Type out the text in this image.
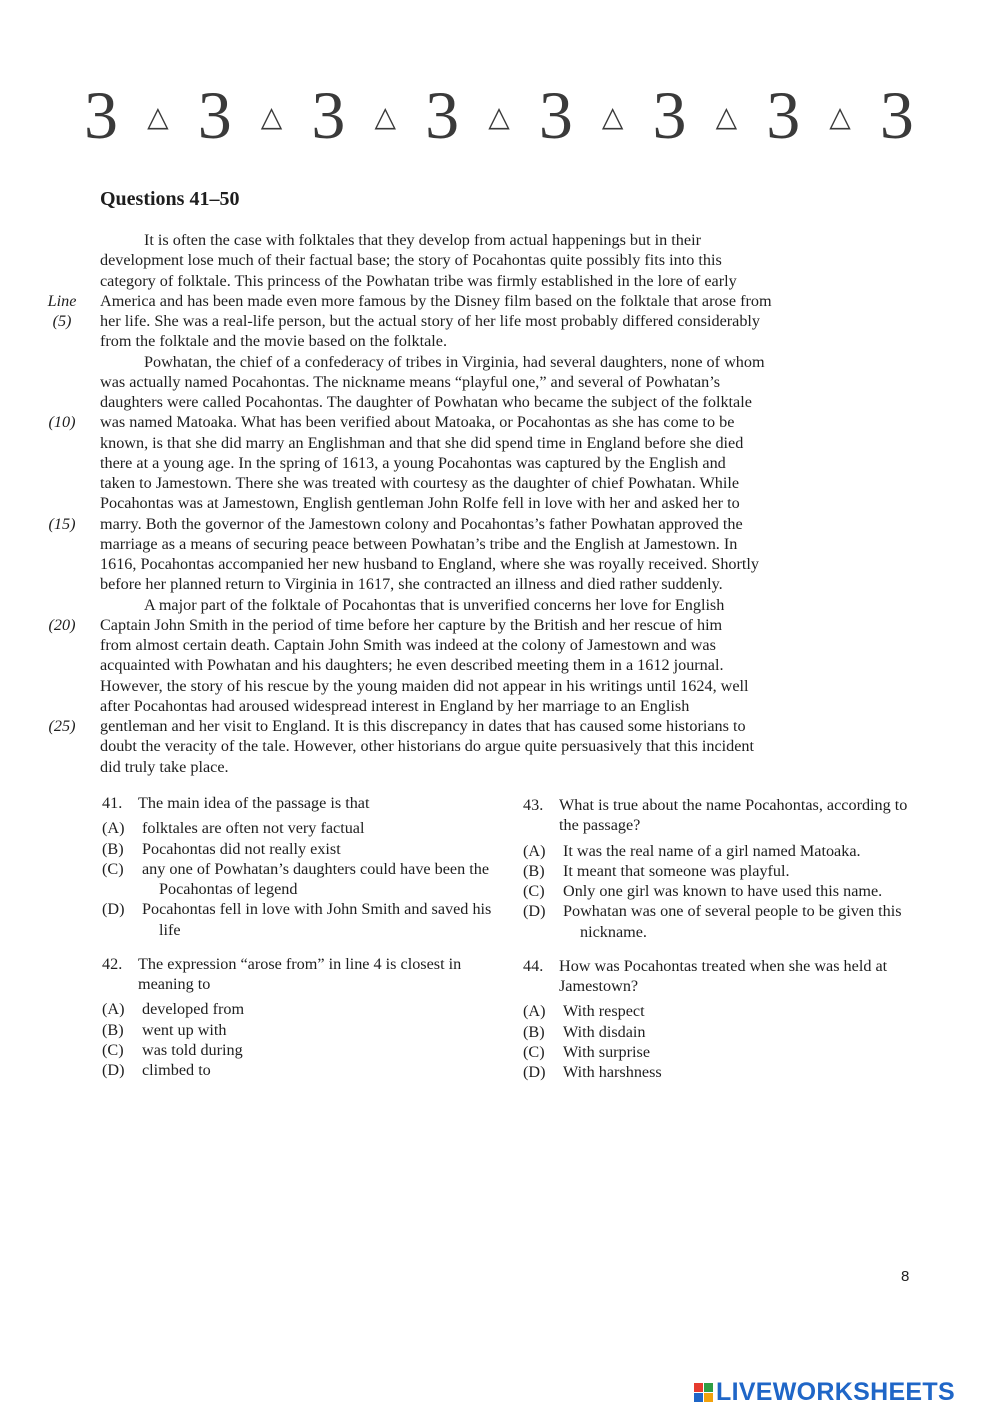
3 △ 3 △ 3 △ 3 △ 3 △ 3 △ 3 △ 3
Questions 41–50
It is often the case with folktales that they develop from actual happenings but in their
development lose much of their factual base; the story of Pocahontas quite possibly fits into this
category of folktale. This princess of the Powhatan tribe was firmly established in the lore of early
Line America and has been made even more famous by the Disney film based on the folktale that arose from
(5)	her life. She was a real-life person, but the actual story of her life most probably differed considerably
from the folktale and the movie based on the folktale.
Powhatan, the chief of a confederacy of tribes in Virginia, had several daughters, none of whom
was actually named Pocahontas. The nickname means “playful one,” and several of Powhatan’s
daughters were called Pocahontas. The daughter of Powhatan who became the subject of the folktale
(10) was named Matoaka. What has been verified about Matoaka, or Pocahontas as she has come to be
known, is that she did marry an Englishman and that she did spend time in England before she died
there at a young age. In the spring of 1613, a young Pocahontas was captured by the English and
taken to Jamestown. There she was treated with courtesy as the daughter of chief Powhatan. While
Pocahontas was at Jamestown, English gentleman John Rolfe fell in love with her and asked her to
(15) marry. Both the governor of the Jamestown colony and Pocahontas’s father Powhatan approved the
marriage as a means of securing peace between Powhatan’s tribe and the English at Jamestown. In
1616, Pocahontas accompanied her new husband to England, where she was royally received. Shortly
before her planned return to Virginia in 1617, she contracted an illness and died rather suddenly.
A major part of the folktale of Pocahontas that is unverified concerns her love for English
(20) Captain John Smith in the period of time before her capture by the British and her rescue of him
from almost certain death. Captain John Smith was indeed at the colony of Jamestown and was
acquainted with Powhatan and his daughters; he even described meeting them in a 1612 journal.
However, the story of his rescue by the young maiden did not appear in his writings until 1624, well
after Pocahontas had aroused widespread interest in England by her marriage to an English
(25) gentleman and her visit to England. It is this discrepancy in dates that has caused some historians to
doubt the veracity of the tale. However, other historians do argue quite persuasively that this incident
did truly take place.
41. The main idea of the passage is that
(A) folktales are often not very factual
(B) Pocahontas did not really exist
(C) any one of Powhatan’s daughters could have been the Pocahontas of legend
(D) Pocahontas fell in love with John Smith and saved his life
42. The expression “arose from” in line 4 is closest in meaning to
(A) developed from
(B) went up with
(C) was told during
(D) climbed to
43. What is true about the name Pocahontas, according to the passage?
(A) It was the real name of a girl named Matoaka.
(B) It meant that someone was playful.
(C) Only one girl was known to have used this name.
(D) Powhatan was one of several people to be given this nickname.
44. How was Pocahontas treated when she was held at Jamestown?
(A) With respect
(B) With disdain
(C) With surprise
(D) With harshness
8
LIVEWORKSHEETS
